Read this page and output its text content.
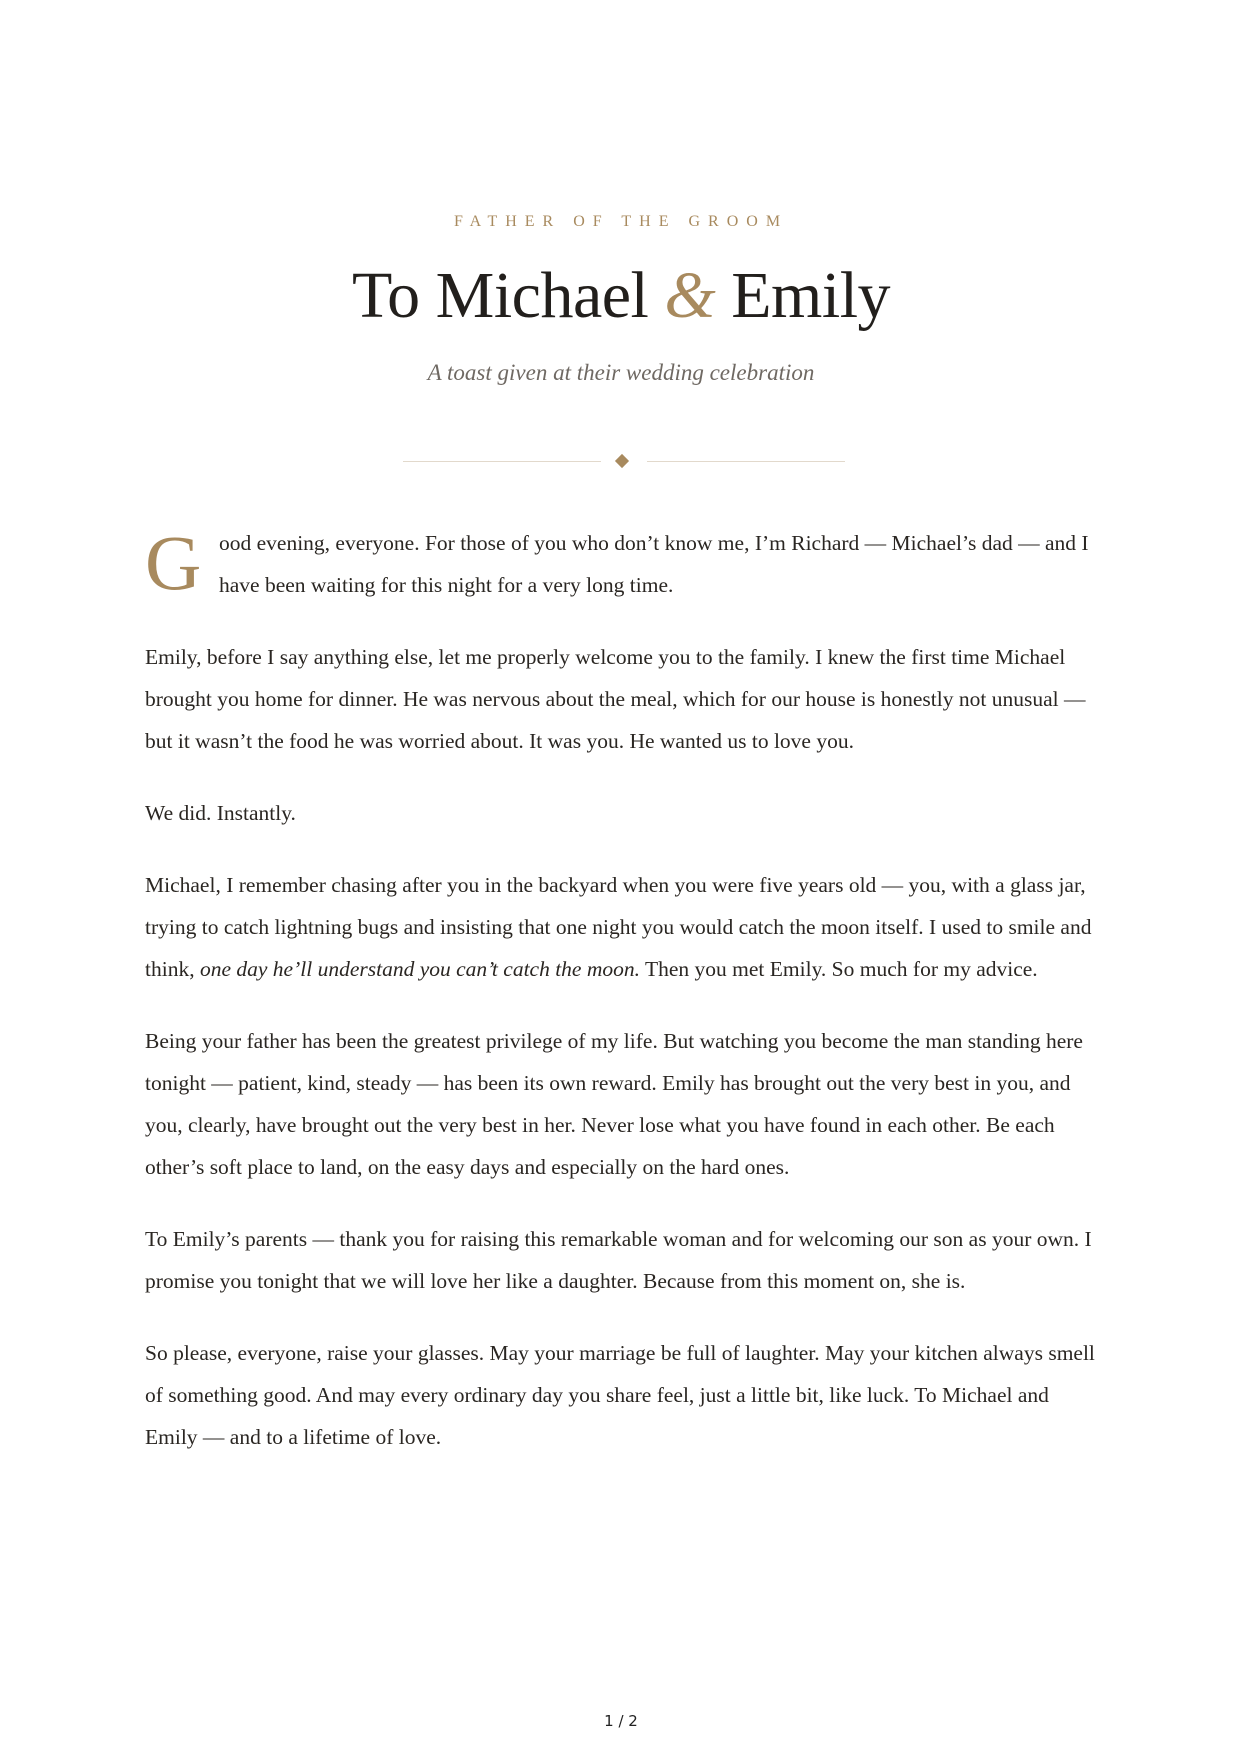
FATHER OF THE GROOM

To Michael & Emily

A toast given at their wedding celebration

G ood evening, everyone. For those of you who don’t know me, I’m Richard — Michael’s dad — and I have been waiting for this night for a very long time.

Emily, before I say anything else, let me properly welcome you to the family. I knew the first time Michael brought you home for dinner. He was nervous about the meal, which for our house is honestly not unusual — but it wasn’t the food he was worried about. It was you. He wanted us to love you.

We did. Instantly.

Michael, I remember chasing after you in the backyard when you were five years old — you, with a glass jar, trying to catch lightning bugs and insisting that one night you would catch the moon itself. I used to smile and think, one day he’ll understand you can’t catch the moon. Then you met Emily. So much for my advice.

Being your father has been the greatest privilege of my life. But watching you become the man standing here tonight — patient, kind, steady — has been its own reward. Emily has brought out the very best in you, and you, clearly, have brought out the very best in her. Never lose what you have found in each other. Be each other’s soft place to land, on the easy days and especially on the hard ones.

To Emily’s parents — thank you for raising this remarkable woman and for welcoming our son as your own. I promise you tonight that we will love her like a daughter. Because from this moment on, she is.

So please, everyone, raise your glasses. May your marriage be full of laughter. May your kitchen always smell of something good. And may every ordinary day you share feel, just a little bit, like luck. To Michael and Emily — and to a lifetime of love.

1 / 2
